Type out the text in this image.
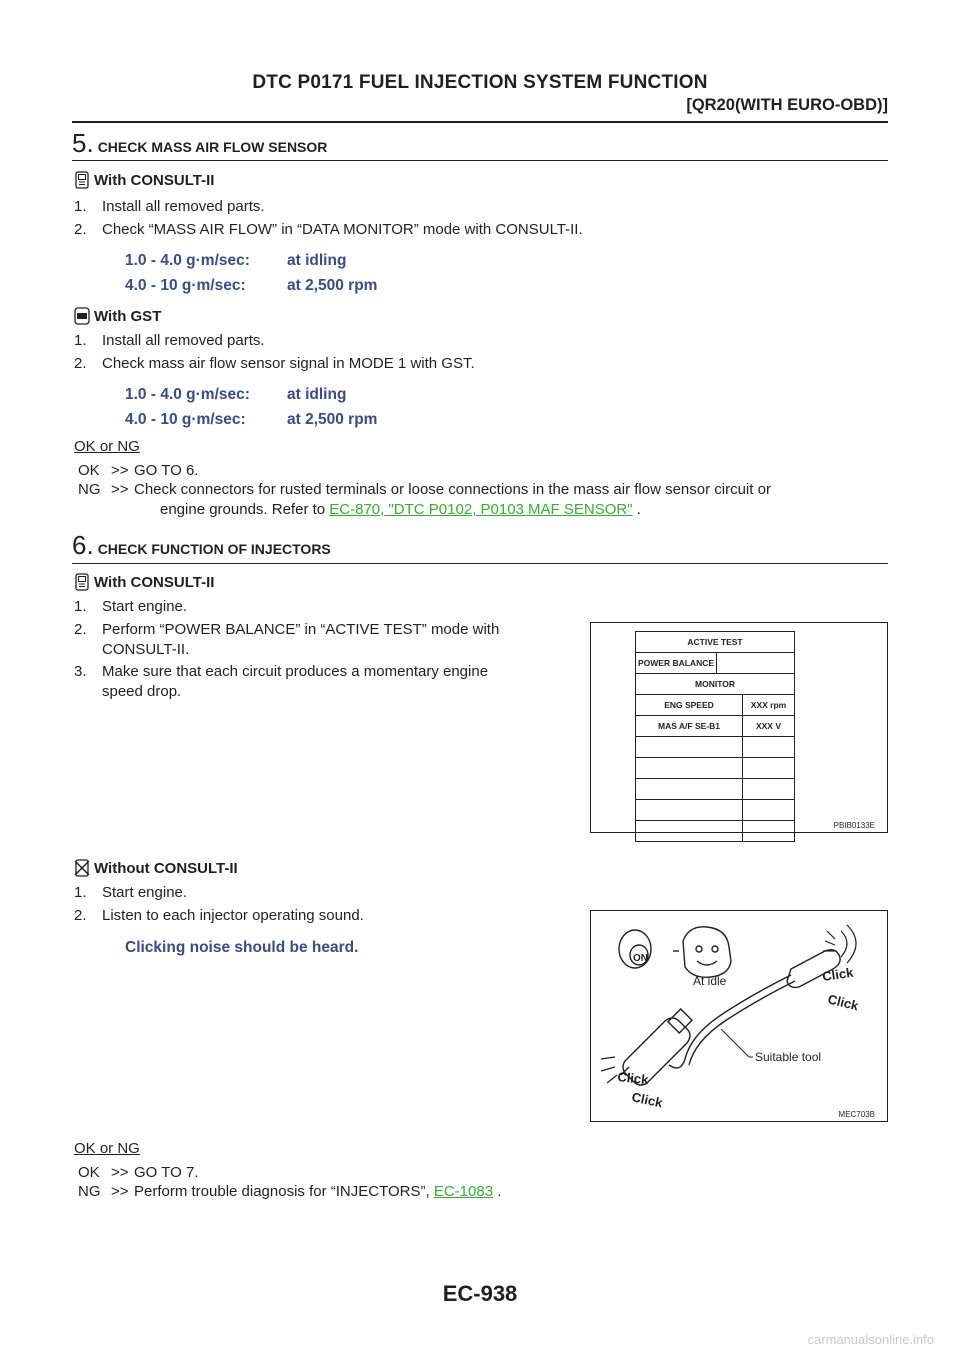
DTC P0171 FUEL INJECTION SYSTEM FUNCTION
[QR20(WITH EURO-OBD)]
5. CHECK MASS AIR FLOW SENSOR
With CONSULT-II
1. Install all removed parts.
2. Check “MASS AIR FLOW” in “DATA MONITOR” mode with CONSULT-II.
1.0 - 4.0 g·m/sec: at idling
4.0 - 10 g·m/sec:	at 2,500 rpm
With GST
1. Install all removed parts.
2. Check mass air flow sensor signal in MODE 1 with GST.
1.0 - 4.0 g·m/sec: at idling
4.0 - 10 g·m/sec:	at 2,500 rpm
OK or NG
OK >> GO TO 6.
NG >> Check connectors for rusted terminals or loose connections in the mass air flow sensor circuit or
engine grounds. Refer to EC-870, "DTC P0102, P0103 MAF SENSOR" .
6. CHECK FUNCTION OF INJECTORS
With CONSULT-II
1. Start engine.
2. Perform “POWER BALANCE” in “ACTIVE TEST” mode with
CONSULT-II.
3. Make sure that each circuit produces a momentary engine
speed drop.
ACTIVE TEST
POWER BALANCE
MONITOR
ENG SPEED	XXX rpm
MAS A/F SE-B1	XXX V
PBIB0133E
Without CONSULT-II
1. Start engine.
2. Listen to each injector operating sound.
Clicking noise should be heard.
ON
At idle	Click
Click
Click
Click
Suitable tool
MEC703B
OK or NG
OK >> GO TO 7.
NG >> Perform trouble diagnosis for “INJECTORS”, EC-1083 .
EC-938
carmanualsonline.info
